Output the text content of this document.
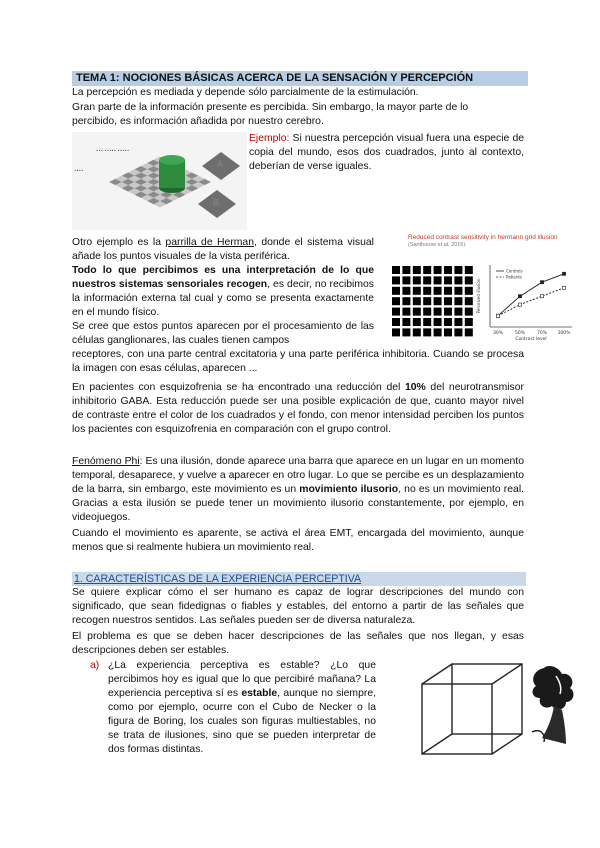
TEMA 1: NOCIONES BÁSICAS ACERCA DE LA SENSACIÓN Y PERCEPCIÓN
La percepción es mediada y depende sólo parcialmente de la estimulación.
Gran parte de la información presente es percibida. Sin embargo, la mayor parte de lo
percibido, es información añadida por nuestro cerebro.
••• ••••• •••••
••••
A
B
Ejemplo: Si nuestra percepción visual fuera una especie de copia del mundo, esos dos cuadrados, junto al contexto, deberían de verse iguales.
Otro ejemplo es la parrilla de Herman, donde el sistema visual añade los puntos visuales de la vista periférica.
Todo lo que percibimos es una interpretación de lo que nuestros sistemas sensoriales recogen, es decir, no recibimos la información externa tal cual y como se presenta exactamente en el mundo físico.
Se cree que estos puntos aparecen por el procesamiento de las células ganglionares, las cuales tienen campos
receptores, con una parte central excitatoria y una parte periférica inhibitoria. Cuando se procesa la imagen con esas células, aparecen ...
Reduced contrast sensitivity in hermann grid illusion
(Santhouse et al. 2015)
30%	50%	70% 100%
Contrast level
Perceived illusion
Controls
Patients
En pacientes con esquizofrenia se ha encontrado una reducción del 10% del neurotransmisor inhibitorio GABA. Esta reducción puede ser una posible explicación de que, cuanto mayor nivel de contraste entre el color de los cuadrados y el fondo, con menor intensidad perciben los puntos los pacientes con esquizofrenia en comparación con el grupo control.
Fenómeno Phi: Es una ilusión, donde aparece una barra que aparece en un lugar en un momento temporal, desaparece, y vuelve a aparecer en otro lugar. Lo que se percibe es un desplazamiento de la barra, sin embargo, este movimiento es un movimiento ilusorio, no es un movimiento real. Gracias a esta ilusión se puede tener un movimiento ilusorio constantemente, por ejemplo, en videojuegos.
Cuando el movimiento es aparente, se activa el área EMT, encargada del movimiento, aunque menos que si realmente hubiera un movimiento real.
1. CARACTERÍSTICAS DE LA EXPERIENCIA PERCEPTIVA
Se quiere explicar cómo el ser humano es capaz de lograr descripciones del mundo con significado, que sean fidedignas o fiables y estables, del entorno a partir de las señales que recogen nuestros sentidos. Las señales pueden ser de diversa naturaleza.
El problema es que se deben hacer descripciones de las señales que nos llegan, y esas descripciones deben ser estables.
a) ¿La experiencia perceptiva es estable? ¿Lo que percibimos hoy es igual que lo que percibiré mañana? La experiencia perceptiva sí es estable, aunque no siempre, como por ejemplo, ocurre con el Cubo de Necker o la figura de Boring, los cuales son figuras multiestables, no se trata de ilusiones, sino que se pueden interpretar de dos formas distintas.
